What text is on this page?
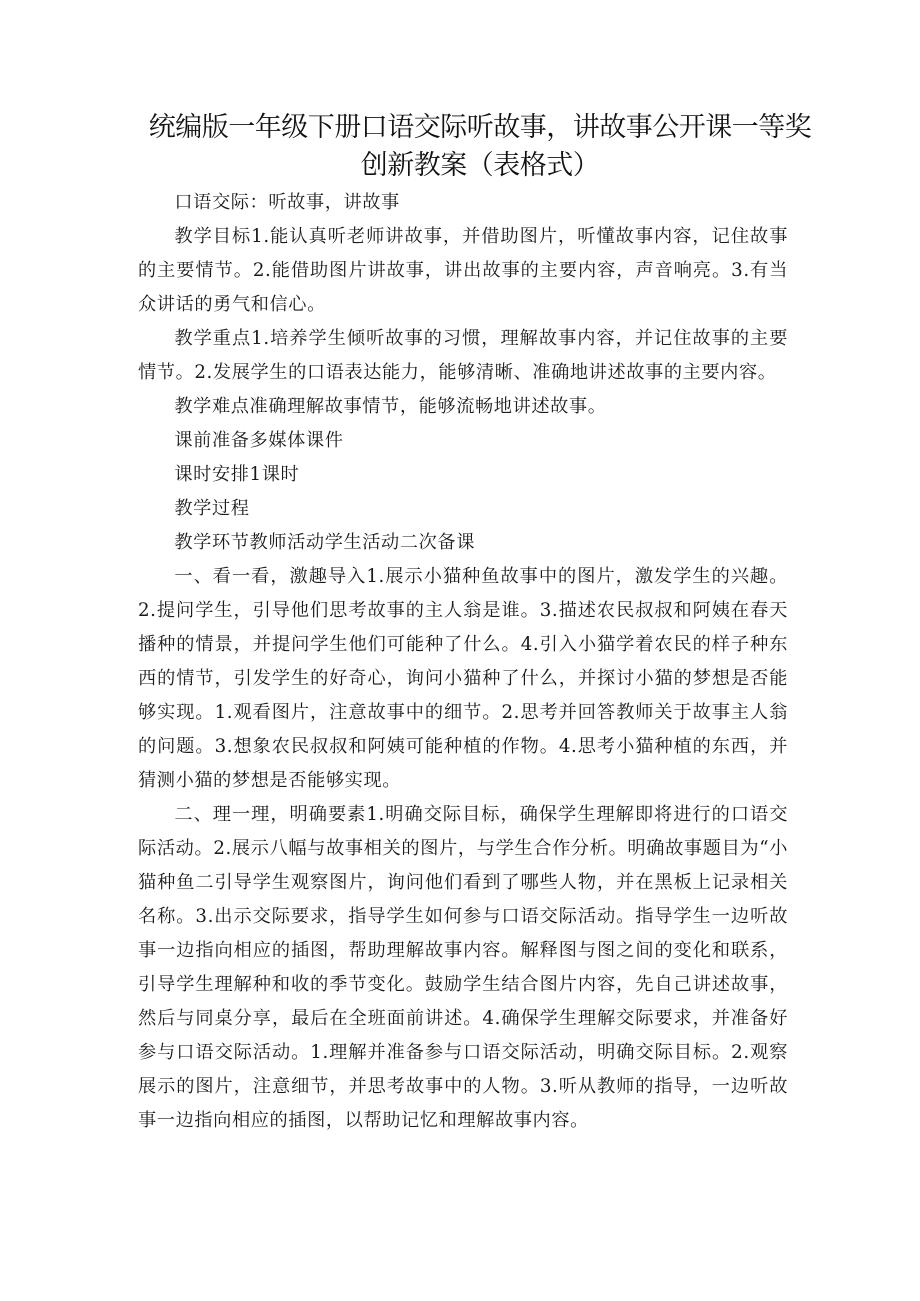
统编版一年级下册口语交际听故事，讲故事公开课一等奖
创新教案（表格式）

口语交际：听故事，讲故事

教学目标1.能认真听老师讲故事，并借助图片，听懂故事内容，记住故事的主要情节。2.能借助图片讲故事，讲出故事的主要内容，声音响亮。3.有当众讲话的勇气和信心。

教学重点1.培养学生倾听故事的习惯，理解故事内容，并记住故事的主要情节。2.发展学生的口语表达能力，能够清晰、准确地讲述故事的主要内容。

教学难点准确理解故事情节，能够流畅地讲述故事。

课前准备多媒体课件

课时安排1课时

教学过程

教学环节教师活动学生活动二次备课

一、看一看，激趣导入1.展示小猫种鱼故事中的图片，激发学生的兴趣。2.提问学生，引导他们思考故事的主人翁是谁。3.描述农民叔叔和阿姨在春天播种的情景，并提问学生他们可能种了什么。4.引入小猫学着农民的样子种东西的情节，引发学生的好奇心，询问小猫种了什么，并探讨小猫的梦想是否能够实现。1.观看图片，注意故事中的细节。2.思考并回答教师关于故事主人翁的问题。3.想象农民叔叔和阿姨可能种植的作物。4.思考小猫种植的东西，并猜测小猫的梦想是否能够实现。

二、理一理，明确要素1.明确交际目标，确保学生理解即将进行的口语交际活动。2.展示八幅与故事相关的图片，与学生合作分析。明确故事题目为“小猫种鱼二引导学生观察图片，询问他们看到了哪些人物，并在黑板上记录相关名称。3.出示交际要求，指导学生如何参与口语交际活动。指导学生一边听故事一边指向相应的插图，帮助理解故事内容。解释图与图之间的变化和联系，引导学生理解种和收的季节变化。鼓励学生结合图片内容，先自己讲述故事，然后与同桌分享，最后在全班面前讲述。4.确保学生理解交际要求，并准备好参与口语交际活动。1.理解并准备参与口语交际活动，明确交际目标。2.观察展示的图片，注意细节，并思考故事中的人物。3.听从教师的指导，一边听故事一边指向相应的插图，以帮助记忆和理解故事内容。
